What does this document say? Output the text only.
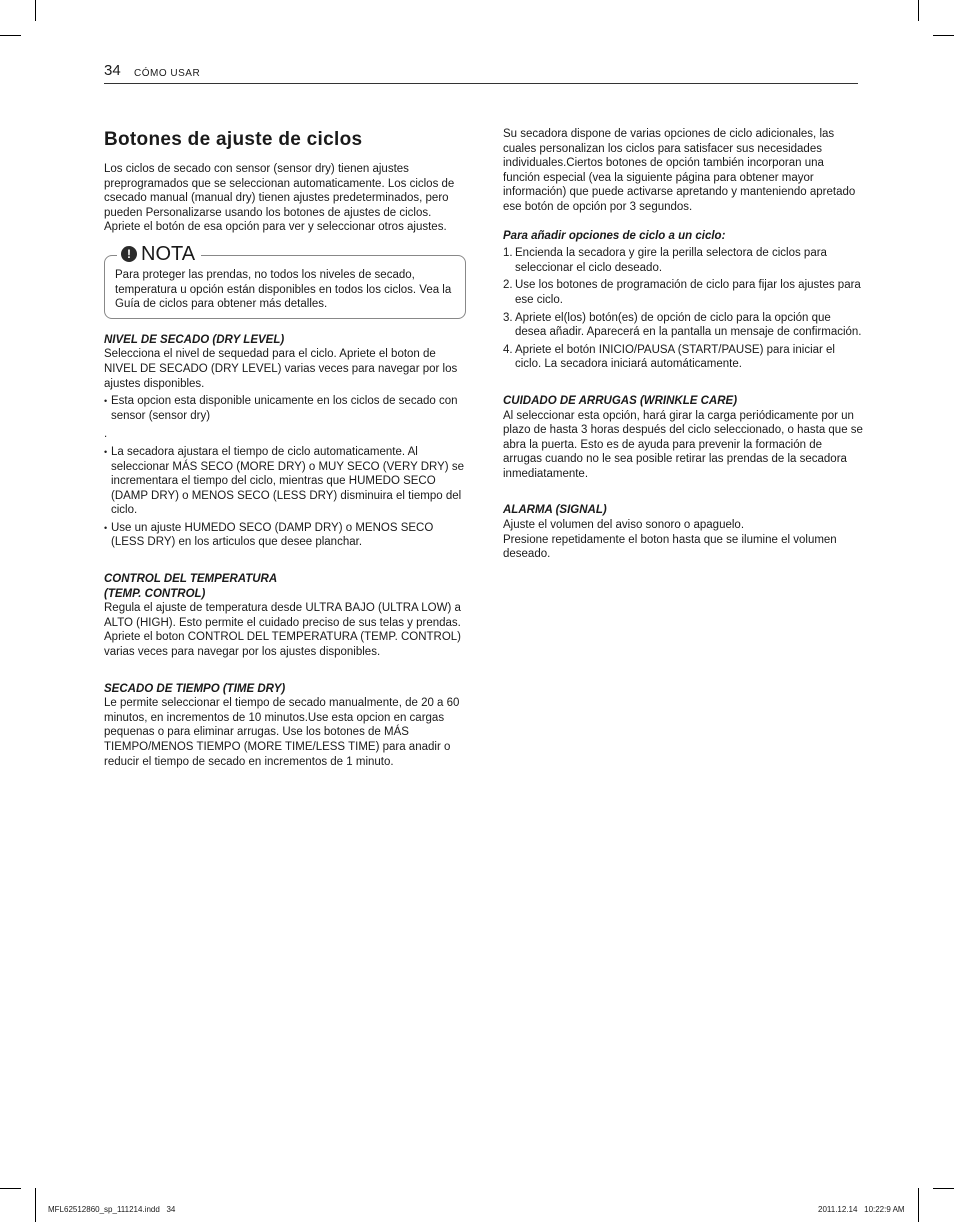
34 CÓMO USAR
Botones de ajuste de ciclos

Los ciclos de secado con sensor (sensor dry) tienen ajustes preprogramados que se seleccionan automaticamente. Los ciclos de csecado manual (manual dry) tienen ajustes predeterminados, pero pueden Personalizarse usando los botones de ajustes de ciclos. Apriete el botón de esa opción para ver y seleccionar otros ajustes.

! NOTA

Para proteger las prendas, no todos los niveles de secado, temperatura u opción están disponibles en todos los ciclos. Vea la Guía de ciclos para obtener más detalles.

NIVEL DE SECADO (DRY LEVEL)

Selecciona el nivel de sequedad para el ciclo. Apriete el boton de NIVEL DE SECADO (DRY LEVEL) varias veces para navegar por los ajustes disponibles.

• Esta opcion esta disponible unicamente en los ciclos de secado con sensor (sensor dry)

.

• La secadora ajustara el tiempo de ciclo automaticamente. Al seleccionar MÁS SECO (MORE DRY) o MUY SECO (VERY DRY) se incrementara el tiempo del ciclo, mientras que HUMEDO SECO (DAMP DRY) o MENOS SECO (LESS DRY) disminuira el tiempo del ciclo.
• Use un ajuste HUMEDO SECO (DAMP DRY) o MENOS SECO (LESS DRY) en los articulos que desee planchar.

CONTROL DEL TEMPERATURA

(TEMP. CONTROL)

Regula el ajuste de temperatura desde ULTRA BAJO (ULTRA LOW) a ALTO (HIGH). Esto permite el cuidado preciso de sus telas y prendas. Apriete el boton CONTROL DEL TEMPERATURA (TEMP. CONTROL) varias veces para navegar por los ajustes disponibles.

SECADO DE TIEMPO (TIME DRY)

Le permite seleccionar el tiempo de secado manualmente, de 20 a 60 minutos, en incrementos de 10 minutos.Use esta opcion en cargas pequenas o para eliminar arrugas. Use los botones de MÁS TIEMPO/MENOS TIEMPO (MORE TIME/LESS TIME) para anadir o reducir el tiempo de secado en incrementos de 1 minuto.

Su secadora dispone de varias opciones de ciclo adicionales, las cuales personalizan los ciclos para satisfacer sus necesidades individuales.Ciertos botones de opción también incorporan una función especial (vea la siguiente página para obtener mayor información) que puede activarse apretando y manteniendo apretado ese botón de opción por 3 segundos.

Para añadir opciones de ciclo a un ciclo:

1. Encienda la secadora y gire la perilla selectora de ciclos para seleccionar el ciclo deseado.
2. Use los botones de programación de ciclo para fijar los ajustes para ese ciclo.
3. Apriete el(los) botón(es) de opción de ciclo para la opción que desea añadir. Aparecerá en la pantalla un mensaje de confirmación.
4. Apriete el botón INICIO/PAUSA (START/PAUSE) para iniciar el ciclo. La secadora iniciará automáticamente.

CUIDADO DE ARRUGAS (WRINKLE CARE)

Al seleccionar esta opción, hará girar la carga periódicamente por un plazo de hasta 3 horas después del ciclo seleccionado, o hasta que se abra la puerta. Esto es de ayuda para prevenir la formación de arrugas cuando no le sea posible retirar las prendas de la secadora inmediatamente.

ALARMA (SIGNAL)

Ajuste el volumen del aviso sonoro o apaguelo.

Presione repetidamente el boton hasta que se ilumine el volumen deseado.

MFL62512860_sp_111214.indd   34	2011.12.14   10:22:9 AM
